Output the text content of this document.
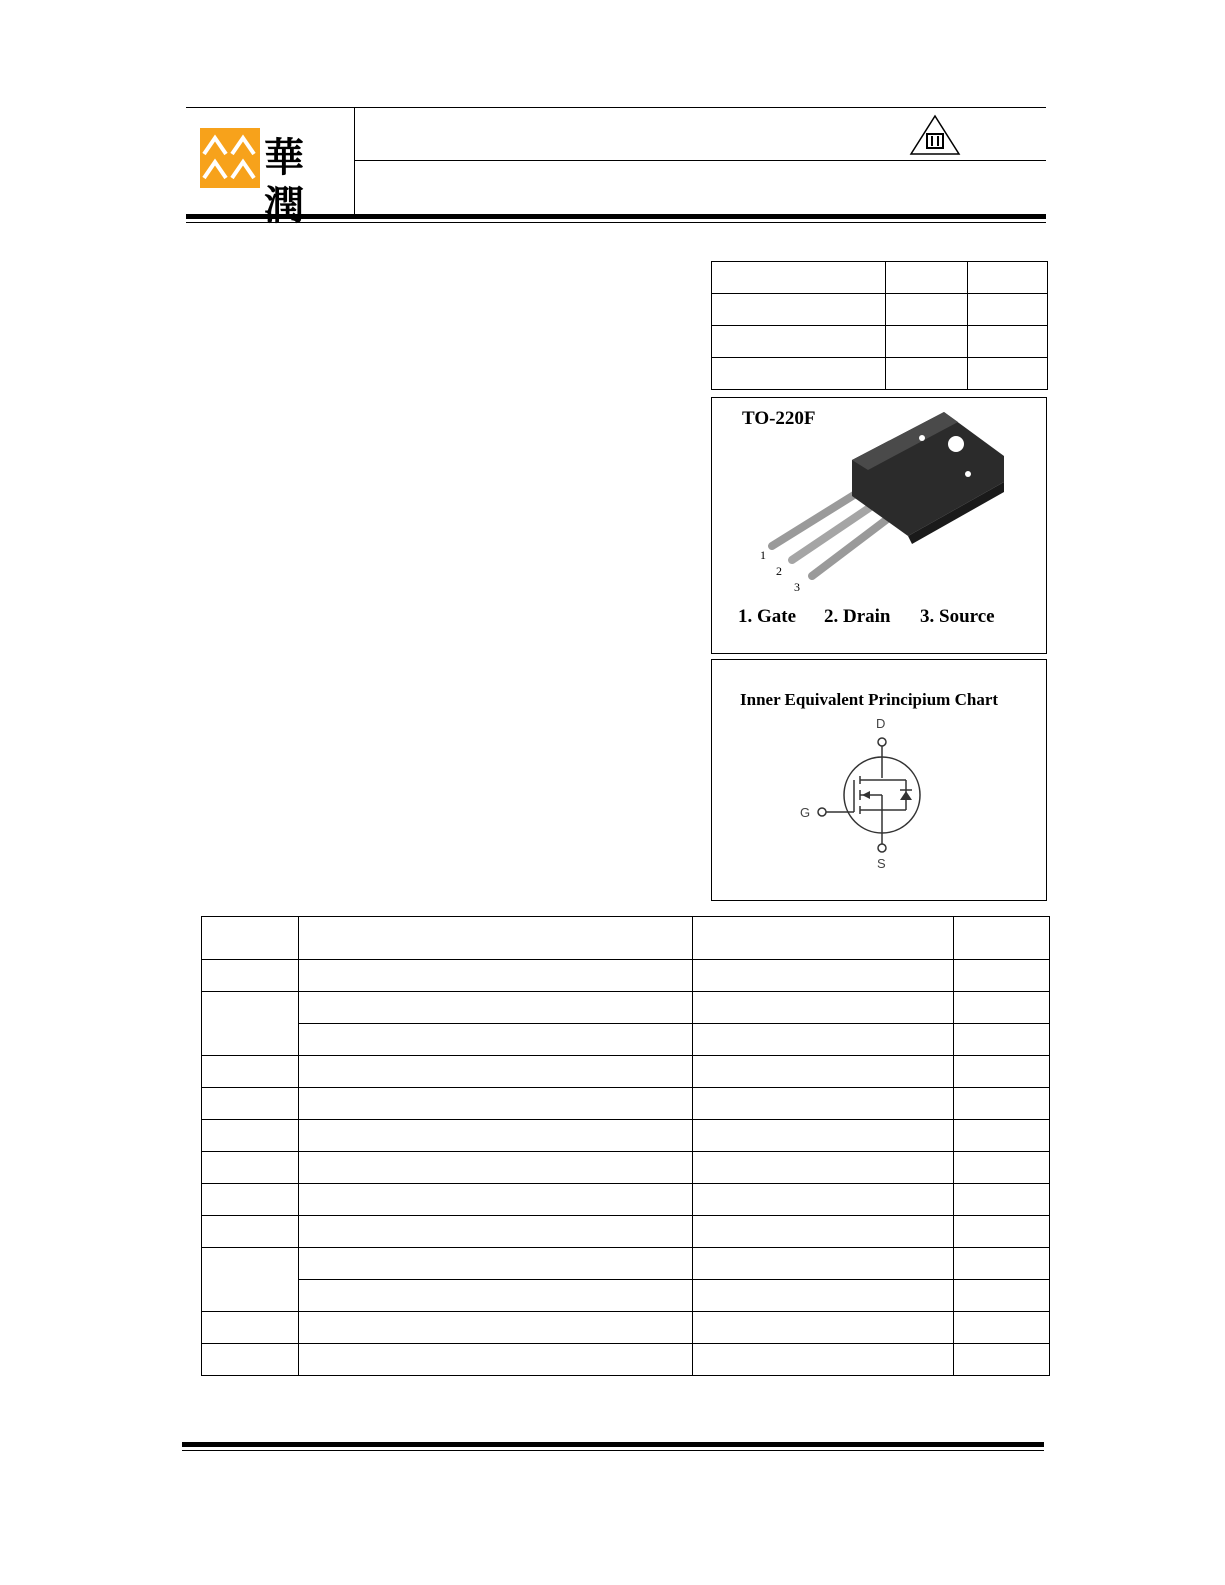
華潤

TO-220F
1
2
3
1. Gate 2. Drain 3. Source
Inner Equivalent Principium Chart
D
G
S
